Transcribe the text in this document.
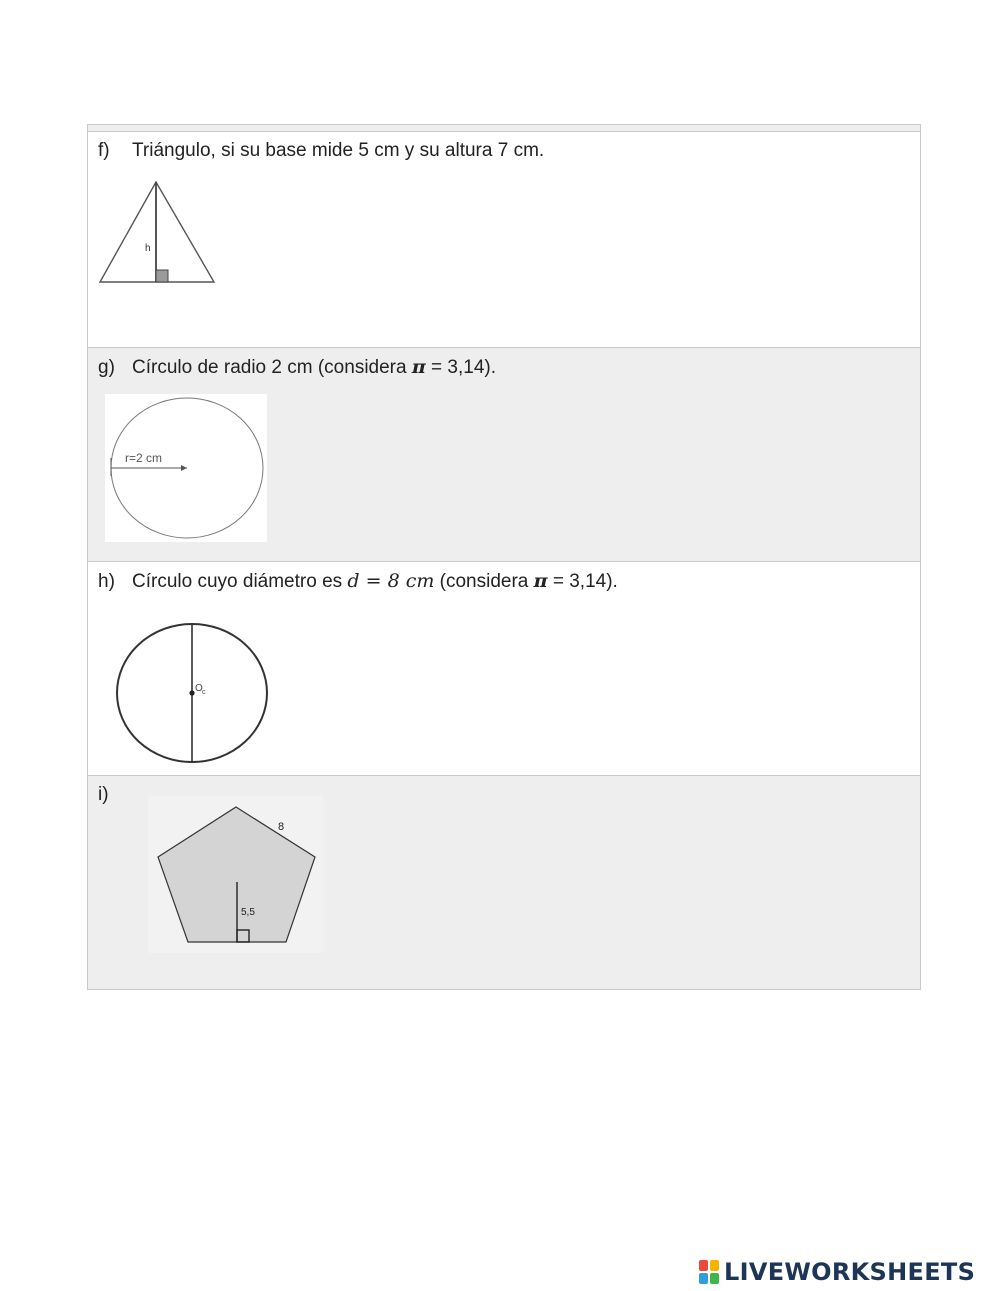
f) Triángulo, si su base mide 5 cm y su altura 7 cm.
h
g) Círculo de radio 2 cm (considera π = 3,14).
r=2 cm
h) Círculo cuyo diámetro es d = 8 cm (considera π = 3,14).
O c
i)
8
5,5
LIVEWORKSHEETS
